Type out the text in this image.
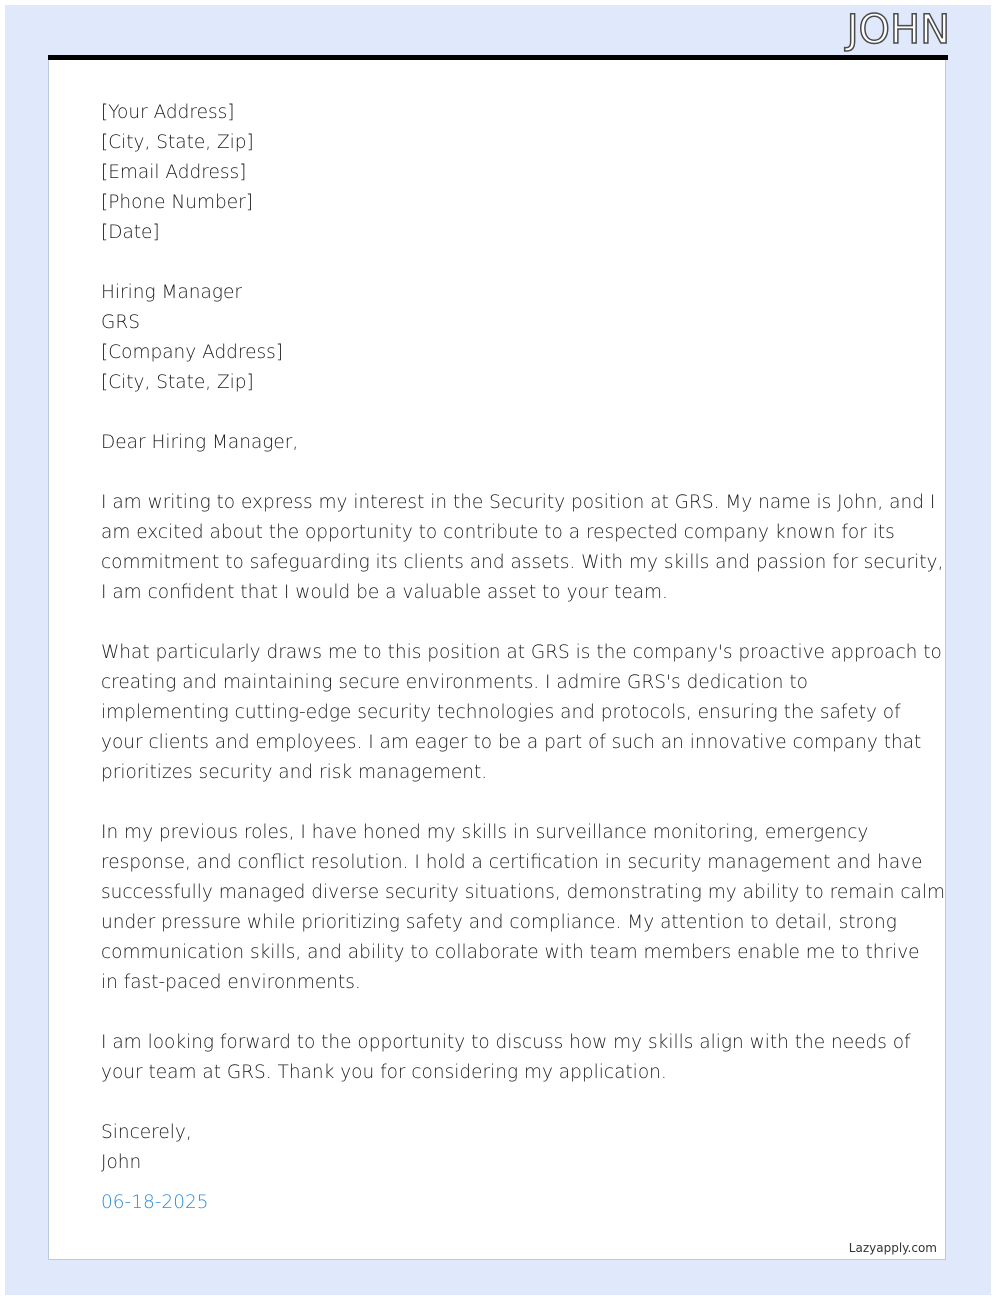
JOHN
[Your Address]
[City, State, Zip]
[Email Address]
[Phone Number]
[Date]
Hiring Manager
GRS
[Company Address]
[City, State, Zip]
Dear Hiring Manager,
I am writing to express my interest in the Security position at GRS. My name is John, and I
am excited about the opportunity to contribute to a respected company known for its
commitment to safeguarding its clients and assets. With my skills and passion for security,
I am confident that I would be a valuable asset to your team.
What particularly draws me to this position at GRS is the company's proactive approach to
creating and maintaining secure environments. I admire GRS's dedication to
implementing cutting-edge security technologies and protocols, ensuring the safety of
your clients and employees. I am eager to be a part of such an innovative company that
prioritizes security and risk management.
In my previous roles, I have honed my skills in surveillance monitoring, emergency
response, and conflict resolution. I hold a certification in security management and have
successfully managed diverse security situations, demonstrating my ability to remain calm
under pressure while prioritizing safety and compliance. My attention to detail, strong
communication skills, and ability to collaborate with team members enable me to thrive
in fast-paced environments.
I am looking forward to the opportunity to discuss how my skills align with the needs of
your team at GRS. Thank you for considering my application.
Sincerely,
John
06-18-2025
Lazyapply.com
